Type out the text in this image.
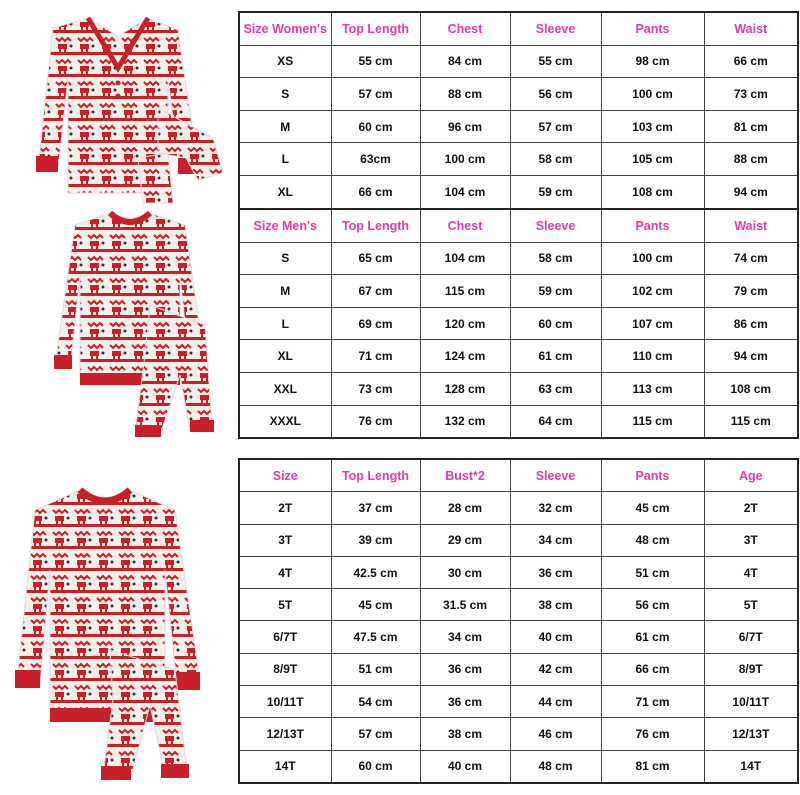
Size Women's	Top Length	Chest	Sleeve	Pants	Waist
XS	55 cm	84 cm	55 cm	98 cm	66 cm
S	57 cm	88 cm	56 cm	100 cm	73 cm
M	60 cm	96 cm	57 cm	103 cm	81 cm
L	63cm	100 cm	58 cm	105 cm	88 cm
XL	66 cm	104 cm	59 cm	108 cm	94 cm
Size Men's	Top Length	Chest	Sleeve	Pants	Waist
S	65 cm	104 cm	58 cm	100 cm	74 cm
M	67 cm	115 cm	59 cm	102 cm	79 cm
L	69 cm	120 cm	60 cm	107 cm	86 cm
XL	71 cm	124 cm	61 cm	110 cm	94 cm
XXL	73 cm	128 cm	63 cm	113 cm	108 cm
XXXL	76 cm	132 cm	64 cm	115 cm	115 cm
Size	Top Length	Bust*2	Sleeve	Pants	Age
2T	37 cm	28 cm	32 cm	45 cm	2T
3T	39 cm	29 cm	34 cm	48 cm	3T
4T	42.5 cm	30 cm	36 cm	51 cm	4T
5T	45 cm	31.5 cm	38 cm	56 cm	5T
6/7T	47.5 cm	34 cm	40 cm	61 cm	6/7T
8/9T	51 cm	36 cm	42 cm	66 cm	8/9T
10/11T	54 cm	36 cm	44 cm	71 cm	10/11T
12/13T	57 cm	38 cm	46 cm	76 cm	12/13T
14T	60 cm	40 cm	48 cm	81 cm	14T
